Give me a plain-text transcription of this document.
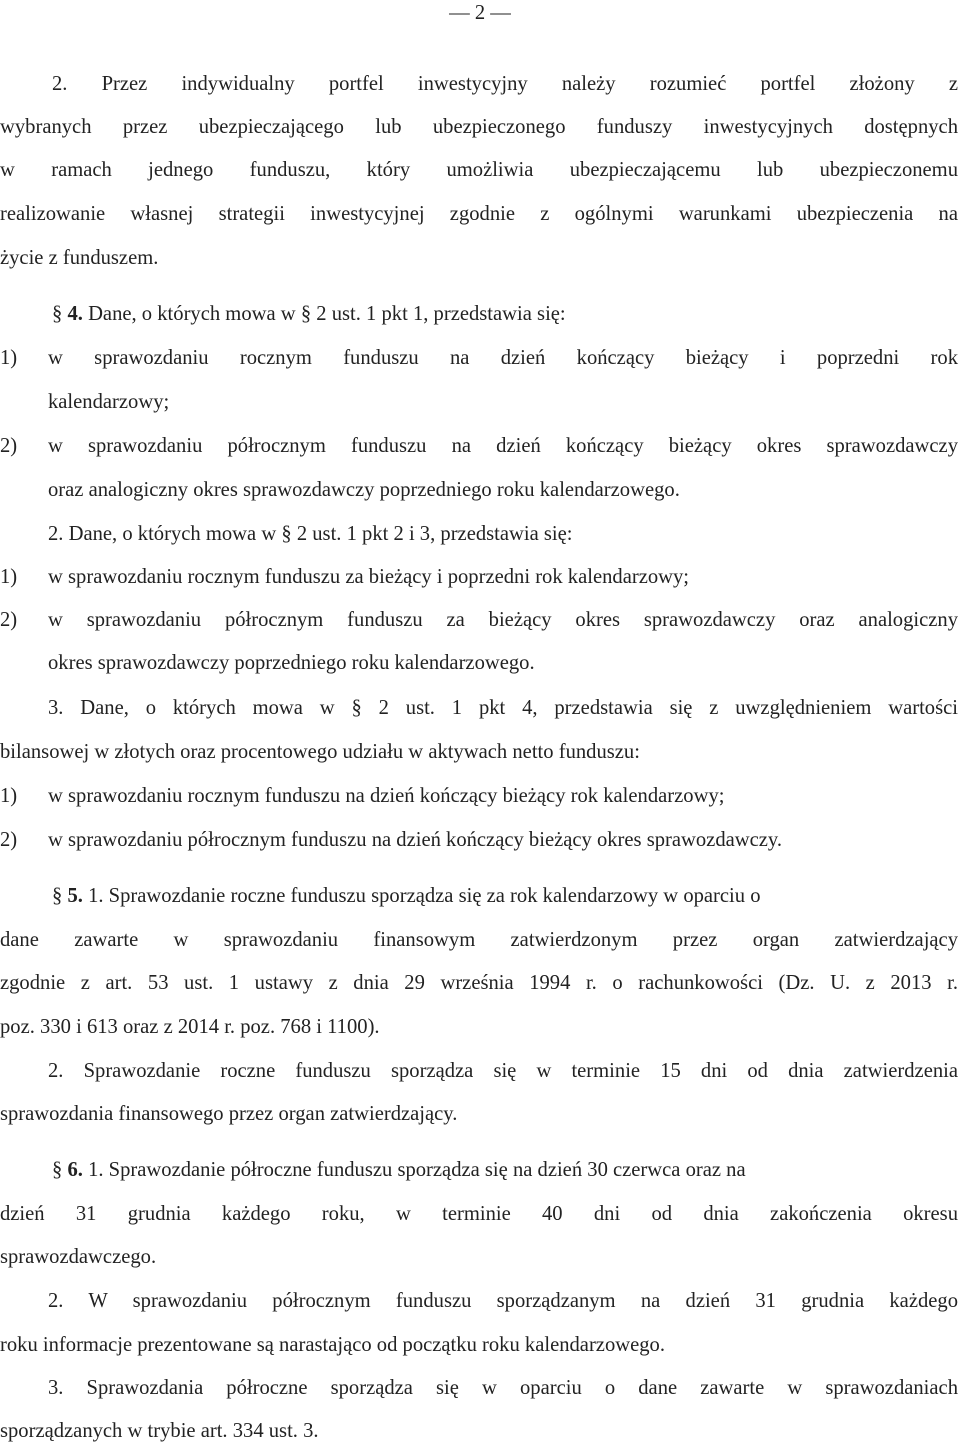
— 2 —
2. Przez indywidualny portfel inwestycyjny należy rozumieć portfel złożony z
wybranych przez ubezpieczającego lub ubezpieczonego funduszy inwestycyjnych dostępnych
w ramach jednego funduszu, który umożliwia ubezpieczającemu lub ubezpieczonemu
realizowanie własnej strategii inwestycyjnej zgodnie z ogólnymi warunkami ubezpieczenia na
życie z funduszem.
§ 4. Dane, o których mowa w § 2 ust. 1 pkt 1, przedstawia się:
1) w sprawozdaniu rocznym funduszu na dzień kończący bieżący i poprzedni rok
kalendarzowy;
2) w sprawozdaniu półrocznym funduszu na dzień kończący bieżący okres sprawozdawczy
oraz analogiczny okres sprawozdawczy poprzedniego roku kalendarzowego.
2. Dane, o których mowa w § 2 ust. 1 pkt 2 i 3, przedstawia się:
1) w sprawozdaniu rocznym funduszu za bieżący i poprzedni rok kalendarzowy;
2) w sprawozdaniu półrocznym funduszu za bieżący okres sprawozdawczy oraz analogiczny
okres sprawozdawczy poprzedniego roku kalendarzowego.
3. Dane, o których mowa w § 2 ust. 1 pkt 4, przedstawia się z uwzględnieniem wartości
bilansowej w złotych oraz procentowego udziału w aktywach netto funduszu:
1) w sprawozdaniu rocznym funduszu na dzień kończący bieżący rok kalendarzowy;
2) w sprawozdaniu półrocznym funduszu na dzień kończący bieżący okres sprawozdawczy.
§ 5. 1. Sprawozdanie roczne funduszu sporządza się za rok kalendarzowy w oparciu o
dane zawarte w sprawozdaniu finansowym zatwierdzonym przez organ zatwierdzający
zgodnie z art. 53 ust. 1 ustawy z dnia 29 września 1994 r. o rachunkowości (Dz. U. z 2013 r.
poz. 330 i 613 oraz z 2014 r. poz. 768 i 1100).
2. Sprawozdanie roczne funduszu sporządza się w terminie 15 dni od dnia zatwierdzenia
sprawozdania finansowego przez organ zatwierdzający.
§ 6. 1. Sprawozdanie półroczne funduszu sporządza się na dzień 30 czerwca oraz na
dzień 31 grudnia każdego roku, w terminie 40 dni od dnia zakończenia okresu
sprawozdawczego.
2. W sprawozdaniu półrocznym funduszu sporządzanym na dzień 31 grudnia każdego
roku informacje prezentowane są narastająco od początku roku kalendarzowego.
3. Sprawozdania półroczne sporządza się w oparciu o dane zawarte w sprawozdaniach
sporządzanych w trybie art. 334 ust. 3.
